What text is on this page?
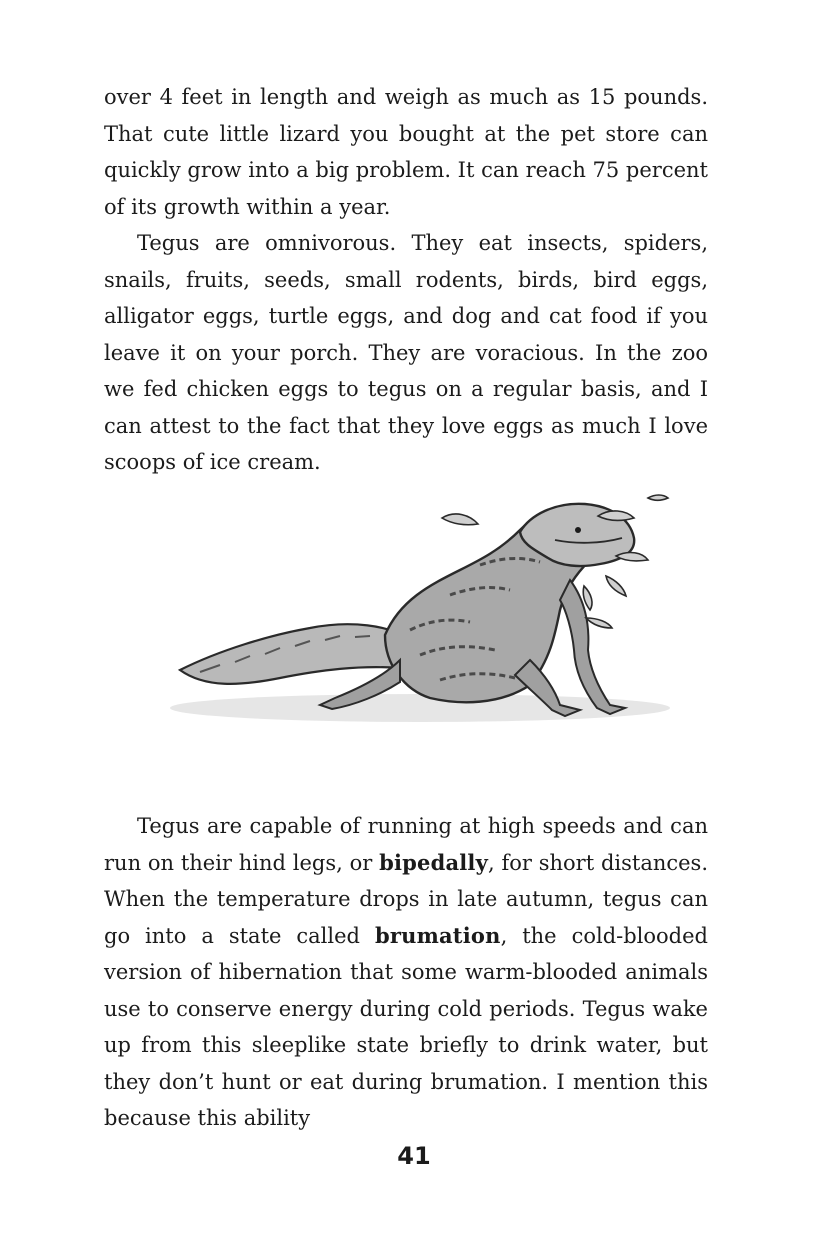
over 4 feet in length and weigh as much as 15 pounds. That cute little lizard you bought at the pet store can quickly grow into a big problem. It can reach 75 percent of its growth within a year.

Tegus are omnivorous. They eat insects, spiders, snails, fruits, seeds, small rodents, birds, bird eggs, alligator eggs, turtle eggs, and dog and cat food if you leave it on your porch. They are voracious. In the zoo we fed chicken eggs to tegus on a regular basis, and I can attest to the fact that they love eggs as much I love scoops of ice cream.

Tegus are capable of running at high speeds and can run on their hind legs, or bipedally, for short distances. When the temperature drops in late autumn, tegus can go into a state called brumation, the cold-blooded version of hibernation that some warm-blooded animals use to conserve energy during cold periods. Tegus wake up from this sleeplike state briefly to drink water, but they don’t hunt or eat during brumation. I mention this because this ability

41
